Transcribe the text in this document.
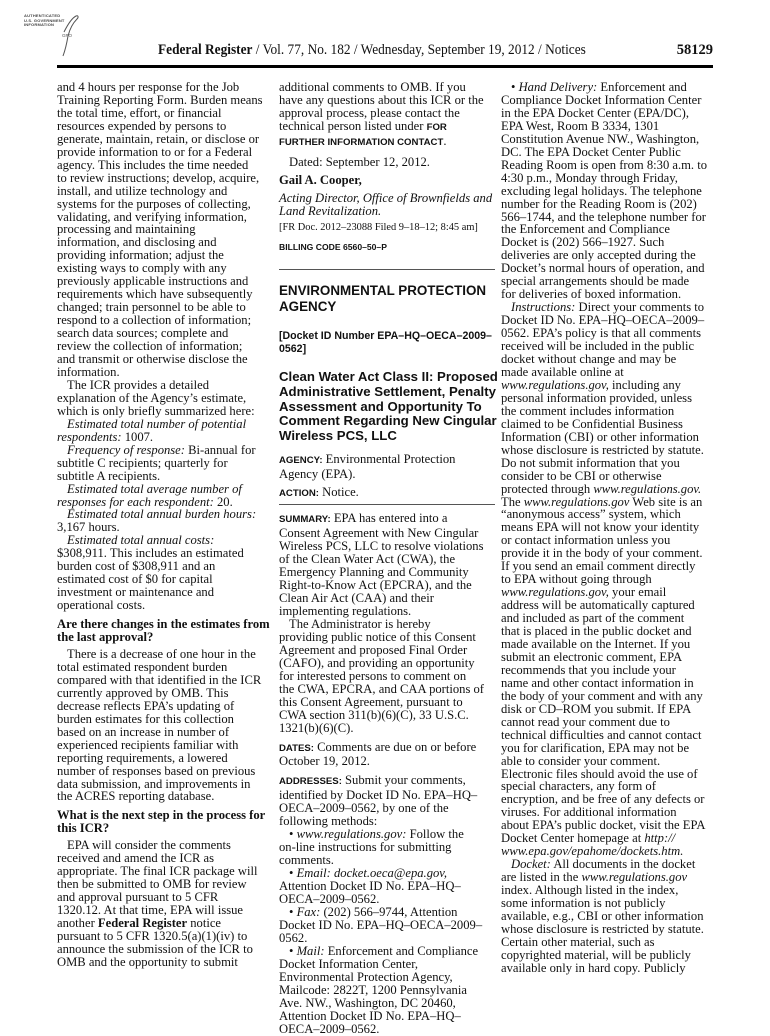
AUTHENTICATED
U.S. GOVERNMENT
INFORMATION
GPO
Federal Register / Vol. 77, No. 182 / Wednesday, September 19, 2012 / Notices	58129
and 4 hours per response for the Job
Training Reporting Form. Burden means
the total time, effort, or financial
resources expended by persons to
generate, maintain, retain, or disclose or
provide information to or for a Federal
agency. This includes the time needed
to review instructions; develop, acquire,
install, and utilize technology and
systems for the purposes of collecting,
validating, and verifying information,
processing and maintaining
information, and disclosing and
providing information; adjust the
existing ways to comply with any
previously applicable instructions and
requirements which have subsequently
changed; train personnel to be able to
respond to a collection of information;
search data sources; complete and
review the collection of information;
and transmit or otherwise disclose the
information.
The ICR provides a detailed
explanation of the Agency’s estimate,
which is only briefly summarized here:
Estimated total number of potential
respondents: 1007.
Frequency of response: Bi-annual for
subtitle C recipients; quarterly for
subtitle A recipients.
Estimated total average number of
responses for each respondent: 20.
Estimated total annual burden hours:
3,167 hours.
Estimated total annual costs:
$308,911. This includes an estimated
burden cost of $308,911 and an
estimated cost of $0 for capital
investment or maintenance and
operational costs.
Are there changes in the estimates from
the last approval?
There is a decrease of one hour in the
total estimated respondent burden
compared with that identified in the ICR
currently approved by OMB. This
decrease reflects EPA’s updating of
burden estimates for this collection
based on an increase in number of
experienced recipients familiar with
reporting requirements, a lowered
number of responses based on previous
data submission, and improvements in
the ACRES reporting database.
What is the next step in the process for
this ICR?
EPA will consider the comments
received and amend the ICR as
appropriate. The final ICR package will
then be submitted to OMB for review
and approval pursuant to 5 CFR
1320.12. At that time, EPA will issue
another Federal Register notice
pursuant to 5 CFR 1320.5(a)(1)(iv) to
announce the submission of the ICR to
OMB and the opportunity to submit
additional comments to OMB. If you
have any questions about this ICR or the
approval process, please contact the
technical person listed under FOR
FURTHER INFORMATION CONTACT.
Dated: September 12, 2012.
Gail A. Cooper,
Acting Director, Office of Brownfields and
Land Revitalization.
[FR Doc. 2012–23088 Filed 9–18–12; 8:45 am]
BILLING CODE 6560–50–P
ENVIRONMENTAL PROTECTION
AGENCY
[Docket ID Number EPA–HQ–OECA–2009–
0562]
Clean Water Act Class II: Proposed
Administrative Settlement, Penalty
Assessment and Opportunity To
Comment Regarding New Cingular
Wireless PCS, LLC
AGENCY: Environmental Protection
Agency (EPA).
ACTION: Notice.
SUMMARY: EPA has entered into a
Consent Agreement with New Cingular
Wireless PCS, LLC to resolve violations
of the Clean Water Act (CWA), the
Emergency Planning and Community
Right-to-Know Act (EPCRA), and the
Clean Air Act (CAA) and their
implementing regulations.
The Administrator is hereby
providing public notice of this Consent
Agreement and proposed Final Order
(CAFO), and providing an opportunity
for interested persons to comment on
the CWA, EPCRA, and CAA portions of
this Consent Agreement, pursuant to
CWA section 311(b)(6)(C), 33 U.S.C.
1321(b)(6)(C).
DATES: Comments are due on or before
October 19, 2012.
ADDRESSES: Submit your comments,
identified by Docket ID No. EPA–HQ–
OECA–2009–0562, by one of the
following methods:
• www.regulations.gov: Follow the
on-line instructions for submitting
comments.
• Email: docket.oeca@epa.gov,
Attention Docket ID No. EPA–HQ–
OECA–2009–0562.
• Fax: (202) 566–9744, Attention
Docket ID No. EPA–HQ–OECA–2009–
0562.
• Mail: Enforcement and Compliance
Docket Information Center,
Environmental Protection Agency,
Mailcode: 2822T, 1200 Pennsylvania
Ave. NW., Washington, DC 20460,
Attention Docket ID No. EPA–HQ–
OECA–2009–0562.
• Hand Delivery: Enforcement and
Compliance Docket Information Center
in the EPA Docket Center (EPA/DC),
EPA West, Room B 3334, 1301
Constitution Avenue NW., Washington,
DC. The EPA Docket Center Public
Reading Room is open from 8:30 a.m. to
4:30 p.m., Monday through Friday,
excluding legal holidays. The telephone
number for the Reading Room is (202)
566–1744, and the telephone number for
the Enforcement and Compliance
Docket is (202) 566–1927. Such
deliveries are only accepted during the
Docket’s normal hours of operation, and
special arrangements should be made
for deliveries of boxed information.
Instructions: Direct your comments to
Docket ID No. EPA–HQ–OECA–2009–
0562. EPA’s policy is that all comments
received will be included in the public
docket without change and may be
made available online at
www.regulations.gov, including any
personal information provided, unless
the comment includes information
claimed to be Confidential Business
Information (CBI) or other information
whose disclosure is restricted by statute.
Do not submit information that you
consider to be CBI or otherwise
protected through www.regulations.gov.
The www.regulations.gov Web site is an
“anonymous access” system, which
means EPA will not know your identity
or contact information unless you
provide it in the body of your comment.
If you send an email comment directly
to EPA without going through
www.regulations.gov, your email
address will be automatically captured
and included as part of the comment
that is placed in the public docket and
made available on the Internet. If you
submit an electronic comment, EPA
recommends that you include your
name and other contact information in
the body of your comment and with any
disk or CD–ROM you submit. If EPA
cannot read your comment due to
technical difficulties and cannot contact
you for clarification, EPA may not be
able to consider your comment.
Electronic files should avoid the use of
special characters, any form of
encryption, and be free of any defects or
viruses. For additional information
about EPA’s public docket, visit the EPA
Docket Center homepage at http://
www.epa.gov/epahome/dockets.htm.
Docket: All documents in the docket
are listed in the www.regulations.gov
index. Although listed in the index,
some information is not publicly
available, e.g., CBI or other information
whose disclosure is restricted by statute.
Certain other material, such as
copyrighted material, will be publicly
available only in hard copy. Publicly
